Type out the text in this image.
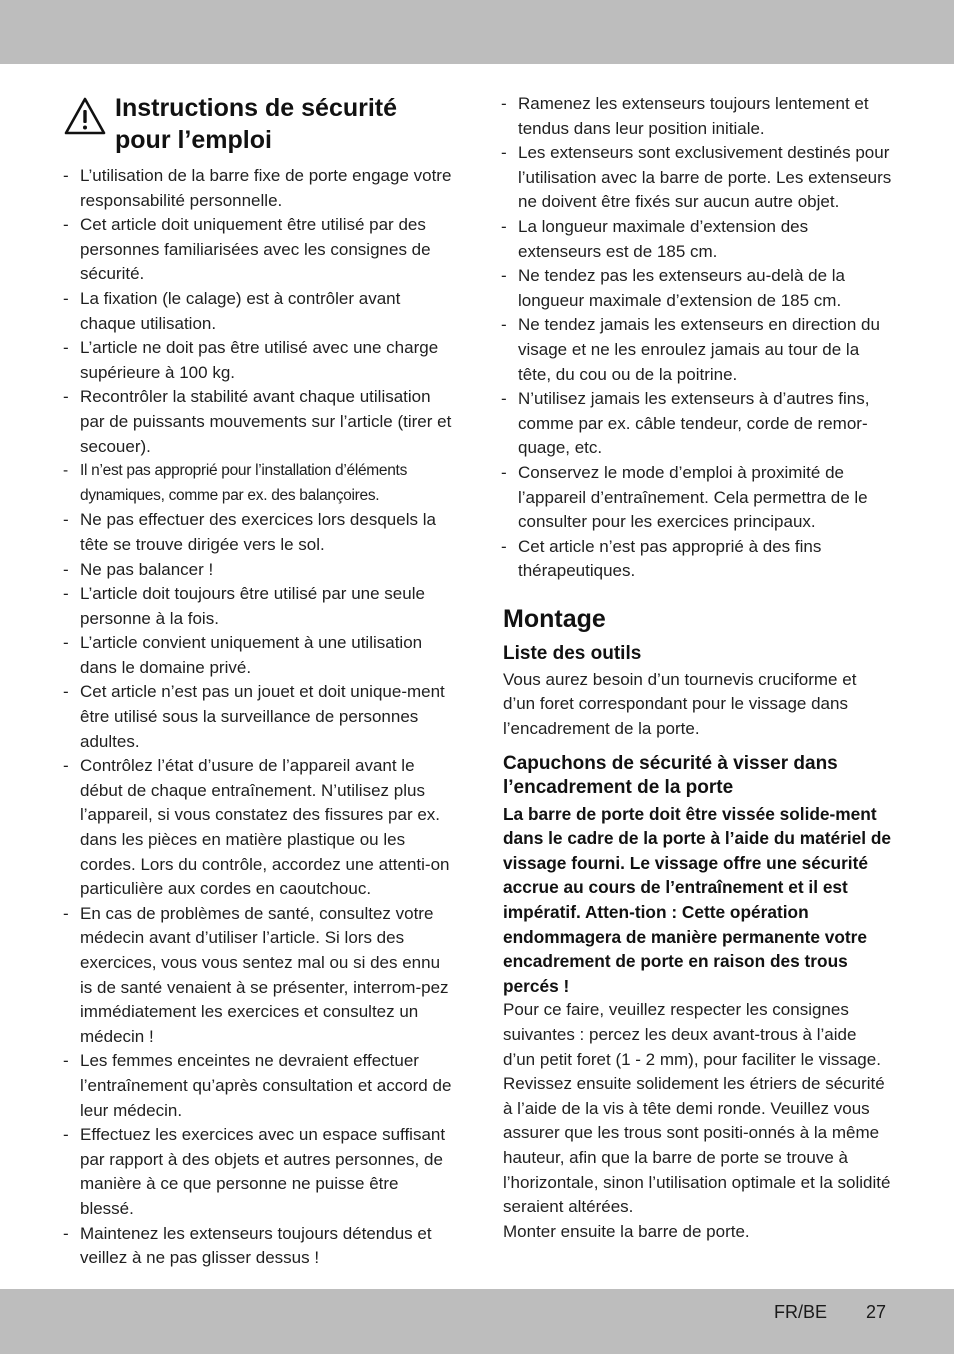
Instructions de sécurité pour l’emploi
- L’utilisation de la barre fixe de porte engage votre responsabilité personnelle.
- Cet article doit uniquement être utilisé par des personnes familiarisées avec les consignes de sécurité.
- La fixation (le calage) est à contrôler avant chaque utilisation.
- L’article ne doit pas être utilisé avec une charge supérieure à 100 kg.
- Recontrôler la stabilité avant chaque utilisation par de puissants mouvements sur l’article (tirer et secouer).
- Il n’est pas approprié pour l’installation d’éléments dynamiques, comme par ex. des balançoires.
- Ne pas effectuer des exercices lors desquels la tête se trouve dirigée vers le sol.
- Ne pas balancer !
- L’article doit toujours être utilisé par une seule personne à la fois.
- L’article convient uniquement à une utilisation dans le domaine privé.
- Cet article n’est pas un jouet et doit unique-ment être utilisé sous la surveillance de personnes adultes.
- Contrôlez l’état d’usure de l’appareil avant le début de chaque entraînement. N’utilisez plus l’appareil, si vous constatez des fissures par ex. dans les pièces en matière plastique ou les cordes. Lors du contrôle, accordez une attenti-on particulière aux cordes en caoutchouc.
- En cas de problèmes de santé, consultez votre médecin avant d’utiliser l’article. Si lors des exercices, vous vous sentez mal ou si des ennu is de santé venaient à se présenter, interrom-pez immédiatement les exercices et consultez un médecin !
- Les femmes enceintes ne devraient effectuer l’entraînement qu’après consultation et accord de leur médecin.
- Effectuez les exercices avec un espace suffisant par rapport à des objets et autres personnes, de manière à ce que personne ne puisse être blessé.
- Maintenez les extenseurs toujours détendus et veillez à ne pas glisser dessus !
- Ramenez les extenseurs toujours lentement et tendus dans leur position initiale.
- Les extenseurs sont exclusivement destinés pour l’utilisation avec la barre de porte. Les extenseurs ne doivent être fixés sur aucun autre objet.
- La longueur maximale d’extension des extenseurs est de 185 cm.
- Ne tendez pas les extenseurs au-delà de la longueur maximale d’extension de 185 cm.
- Ne tendez jamais les extenseurs en direction du visage et ne les enroulez jamais au tour de la tête, du cou ou de la poitrine.
- N’utilisez jamais les extenseurs à d’autres fins, comme par ex. câble tendeur, corde de remor-quage, etc.
- Conservez le mode d’emploi à proximité de l’appareil d’entraînement. Cela permettra de le consulter pour les exercices principaux.
- Cet article n’est pas approprié à des fins thérapeutiques.
Montage
Liste des outils

Vous aurez besoin d’un tournevis cruciforme et d’un foret correspondant pour le vissage dans l’encadrement de la porte.

Capuchons de sécurité à visser dans l’encadrement de la porte

La barre de porte doit être vissée solide-ment dans le cadre de la porte à l’aide du matériel de vissage fourni. Le vissage offre une sécurité accrue au cours de l’entraînement et il est impératif. Atten-tion : Cette opération endommagera de manière permanente votre encadrement de porte en raison des trous percés !

Pour ce faire, veuillez respecter les consignes suivantes : percez les deux avant-trous à l’aide d’un petit foret (1 - 2 mm), pour faciliter le vissage. Revissez ensuite solidement les étriers de sécurité à l’aide de la vis à tête demi ronde. Veuillez vous assurer que les trous sont positi-onnés à la même hauteur, afin que la barre de porte se trouve à l’horizontale, sinon l’utilisation optimale et la solidité seraient altérées.

Monter ensuite la barre de porte.

FR/BE 27
